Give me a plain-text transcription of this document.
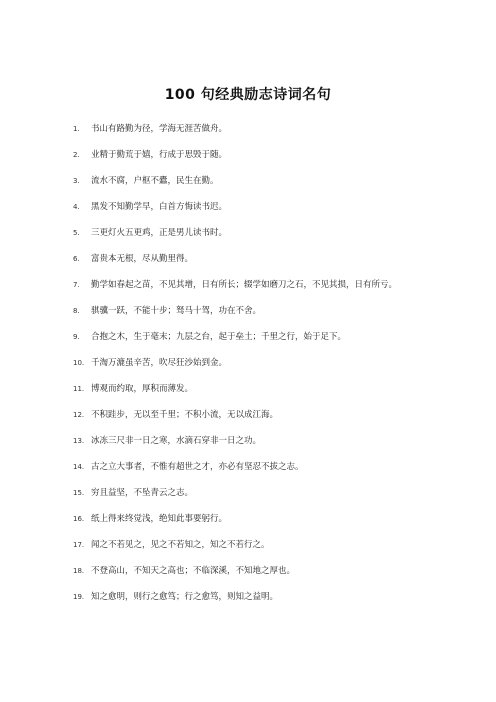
100 句经典励志诗词名句
1.	书山有路勤为径，学海无涯苦做舟。
2.	业精于勤荒于嬉，行成于思毁于随。
3.	流水不腐，户枢不蠹，民生在勤。
4.	黑发不知勤学早，白首方悔读书迟。
5.	三更灯火五更鸡，正是男儿读书时。
6.	富贵本无根，尽从勤里得。
7.	勤学如春起之苗，不见其增，日有所长；辍学如磨刀之石，不见其损，日有所亏。
8.	骐骥一跃，不能十步；驽马十驾，功在不舍。
9.	合抱之木，生于毫末；九层之台，起于垒土；千里之行，始于足下。
10. 千淘万漉虽辛苦，吹尽狂沙始到金。
11. 博观而约取，厚积而薄发。
12. 不积跬步，无以至千里；不积小流，无以成江海。
13. 冰冻三尺非一日之寒，水滴石穿非一日之功。
14. 古之立大事者，不惟有超世之才，亦必有坚忍不拔之志。
15. 穷且益坚，不坠青云之志。
16. 纸上得来终觉浅，绝知此事要躬行。
17. 闻之不若见之，见之不若知之，知之不若行之。
18. 不登高山，不知天之高也；不临深溪，不知地之厚也。
19. 知之愈明，则行之愈笃；行之愈笃，则知之益明。
